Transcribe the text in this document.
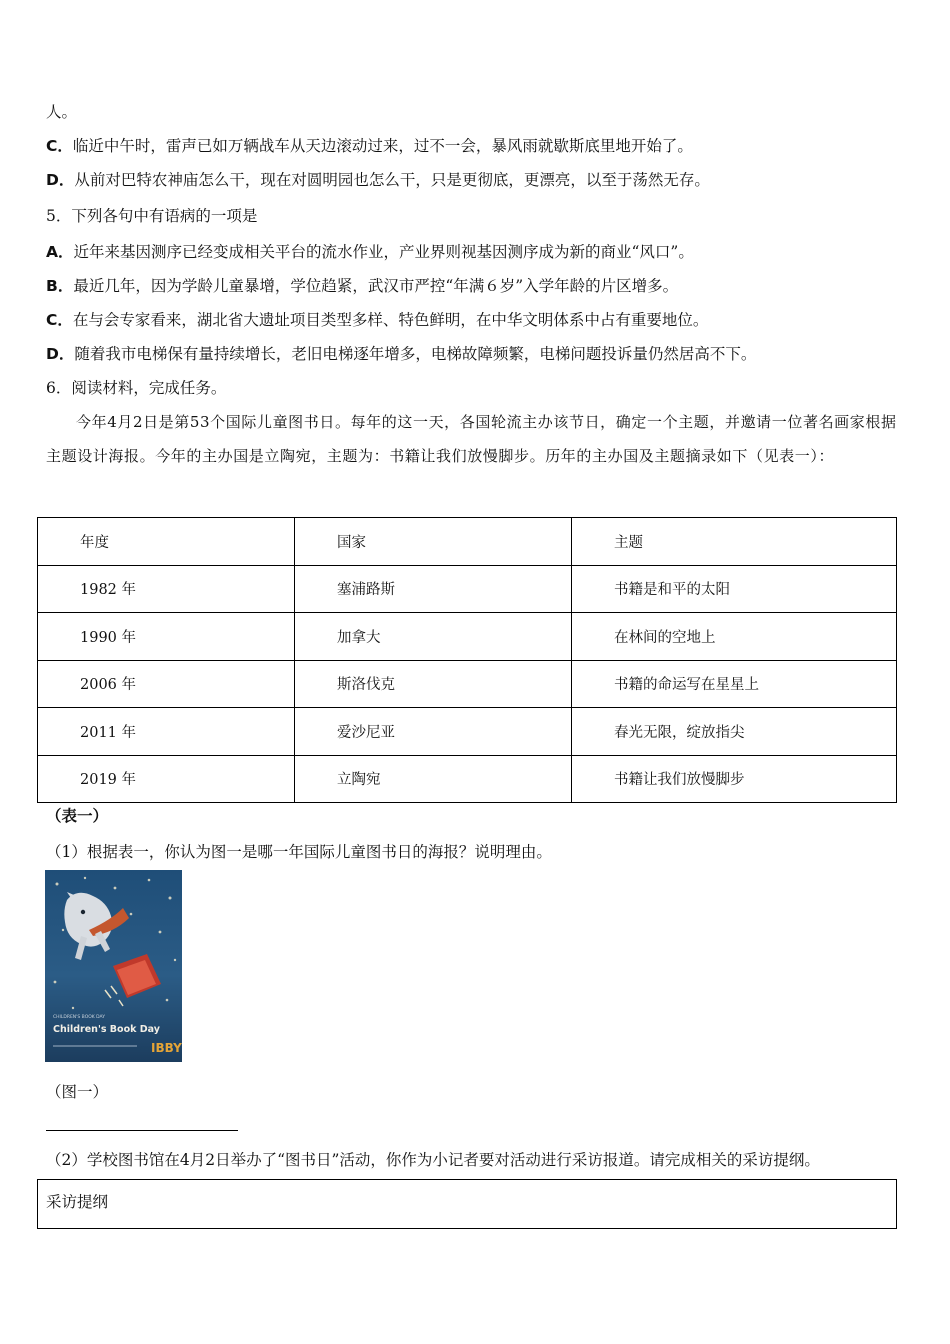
人。
C．临近中午时，雷声已如万辆战车从天边滚动过来，过不一会，暴风雨就歇斯底里地开始了。
D．从前对巴特农神庙怎么干，现在对圆明园也怎么干，只是更彻底，更漂亮，以至于荡然无存。
5．下列各句中有语病的一项是
A．近年来基因测序已经变成相关平台的流水作业，产业界则视基因测序成为新的商业“风口”。
B．最近几年，因为学龄儿童暴增，学位趋紧，武汉市严控“年满６岁”入学年龄的片区增多。
C．在与会专家看来，湖北省大遗址项目类型多样、特色鲜明，在中华文明体系中占有重要地位。
D．随着我市电梯保有量持续增长，老旧电梯逐年增多，电梯故障频繁，电梯问题投诉量仍然居高不下。
6．阅读材料，完成任务。
今年4月2日是第53个国际儿童图书日。每年的这一天，各国轮流主办该节日，确定一个主题，并邀请一位著名画家根据主题设计海报。今年的主办国是立陶宛，主题为：书籍让我们放慢脚步。历年的主办国及主题摘录如下（见表一）：
年度	国家	主题
1982 年	塞浦路斯	书籍是和平的太阳
1990 年	加拿大	在林间的空地上
2006 年	斯洛伐克	书籍的命运写在星星上
2011 年	爱沙尼亚	春光无限，绽放指尖
2019 年	立陶宛	书籍让我们放慢脚步
（表一）
（1）根据表一，你认为图一是哪一年国际儿童图书日的海报？说明理由。
CHILDREN'S BOOK DAY
Children's Book Day
IBBY
（图一）
（2）学校图书馆在4月2日举办了“图书日”活动，你作为小记者要对活动进行采访报道。请完成相关的采访提纲。
采访提纲
